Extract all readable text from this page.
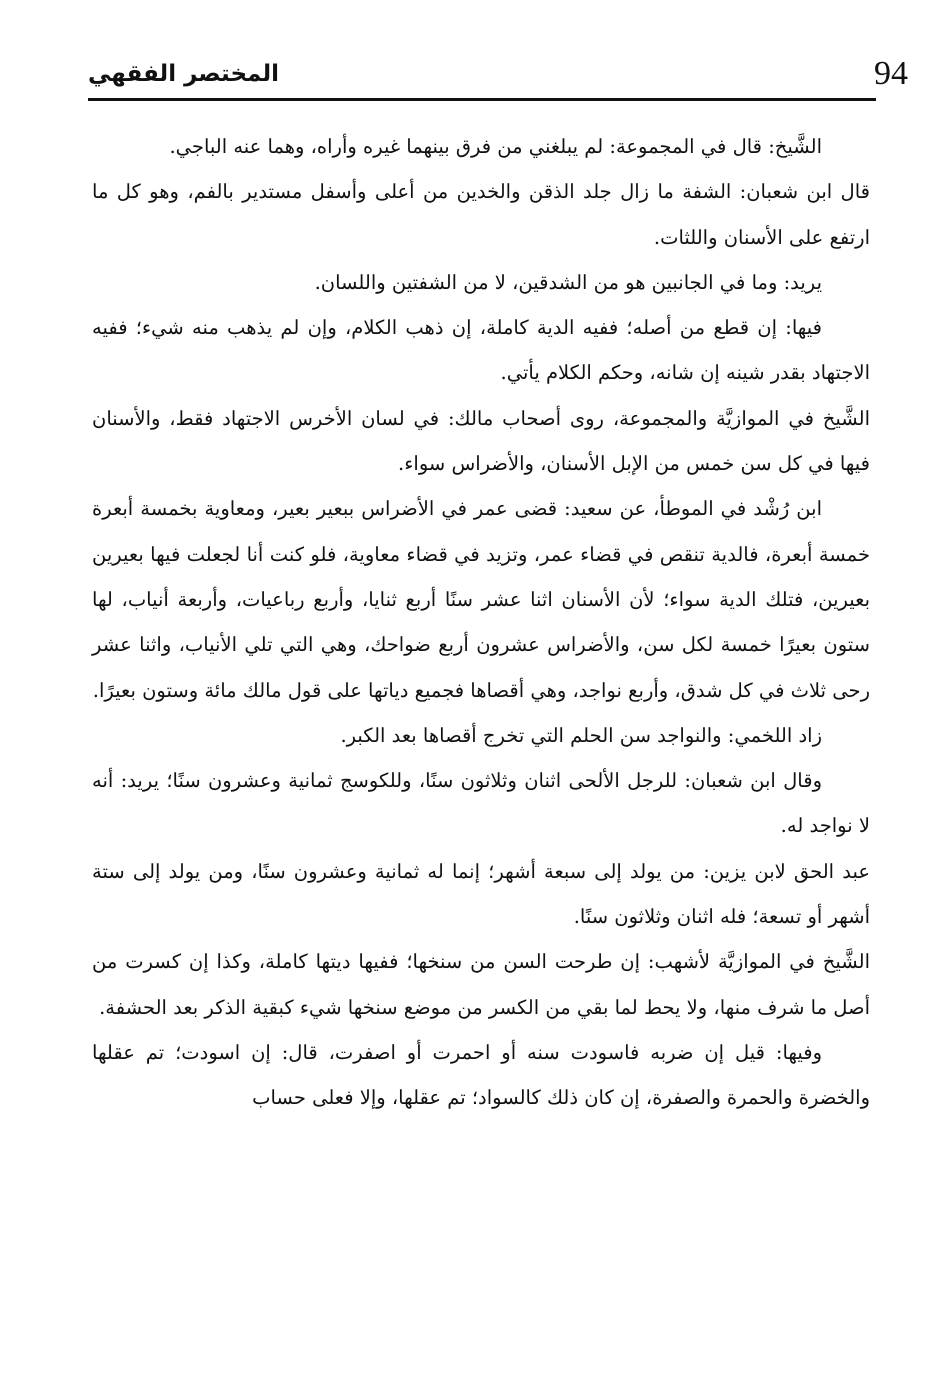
94
المختصر الفقهي

الشَّيخ: قال في المجموعة: لم يبلغني من فرق بينهما غيره وأراه، وهما عنه الباجي.

قال ابن شعبان: الشفة ما زال جلد الذقن والخدين من أعلى وأسفل مستدير بالفم، وهو كل ما ارتفع على الأسنان واللثات.

يريد: وما في الجانبين هو من الشدقين، لا من الشفتين واللسان.

فيها: إن قطع من أصله؛ ففيه الدية كاملة، إن ذهب الكلام، وإن لم يذهب منه شيء؛ ففيه الاجتهاد بقدر شينه إن شانه، وحكم الكلام يأتي.

الشَّيخ في الموازيَّة والمجموعة، روى أصحاب مالك: في لسان الأخرس الاجتهاد فقط، والأسنان فيها في كل سن خمس من الإبل الأسنان، والأضراس سواء.

ابن رُشْد في الموطأ، عن سعيد: قضى عمر في الأضراس ببعير بعير، ومعاوية بخمسة أبعرة خمسة أبعرة، فالدية تنقص في قضاء عمر، وتزيد في قضاء معاوية، فلو كنت أنا لجعلت فيها بعيرين بعيرين، فتلك الدية سواء؛ لأن الأسنان اثنا عشر سنًا أربع ثنايا، وأربع رباعيات، وأربعة أنياب، لها ستون بعيرًا خمسة لكل سن، والأضراس عشرون أربع ضواحك، وهي التي تلي الأنياب، واثنا عشر رحى ثلاث في كل شدق، وأربع نواجد، وهي أقصاها فجميع دياتها على قول مالك مائة وستون بعيرًا.

زاد اللخمي: والنواجد سن الحلم التي تخرج أقصاها بعد الكبر.

وقال ابن شعبان: للرجل الألحى اثنان وثلاثون سنًا، وللكوسج ثمانية وعشرون سنًا؛ يريد: أنه لا نواجد له.

عبد الحق لابن يزين: من يولد إلى سبعة أشهر؛ إنما له ثمانية وعشرون سنًا، ومن يولد إلى ستة أشهر أو تسعة؛ فله اثنان وثلاثون سنًا.

الشَّيخ في الموازيَّة لأشهب: إن طرحت السن من سنخها؛ ففيها ديتها كاملة، وكذا إن كسرت من أصل ما شرف منها، ولا يحط لما بقي من الكسر من موضع سنخها شيء كبقية الذكر بعد الحشفة.

وفيها: قيل إن ضربه فاسودت سنه أو احمرت أو اصفرت، قال: إن اسودت؛ تم عقلها والخضرة والحمرة والصفرة، إن كان ذلك كالسواد؛ تم عقلها، وإلا فعلى حساب
